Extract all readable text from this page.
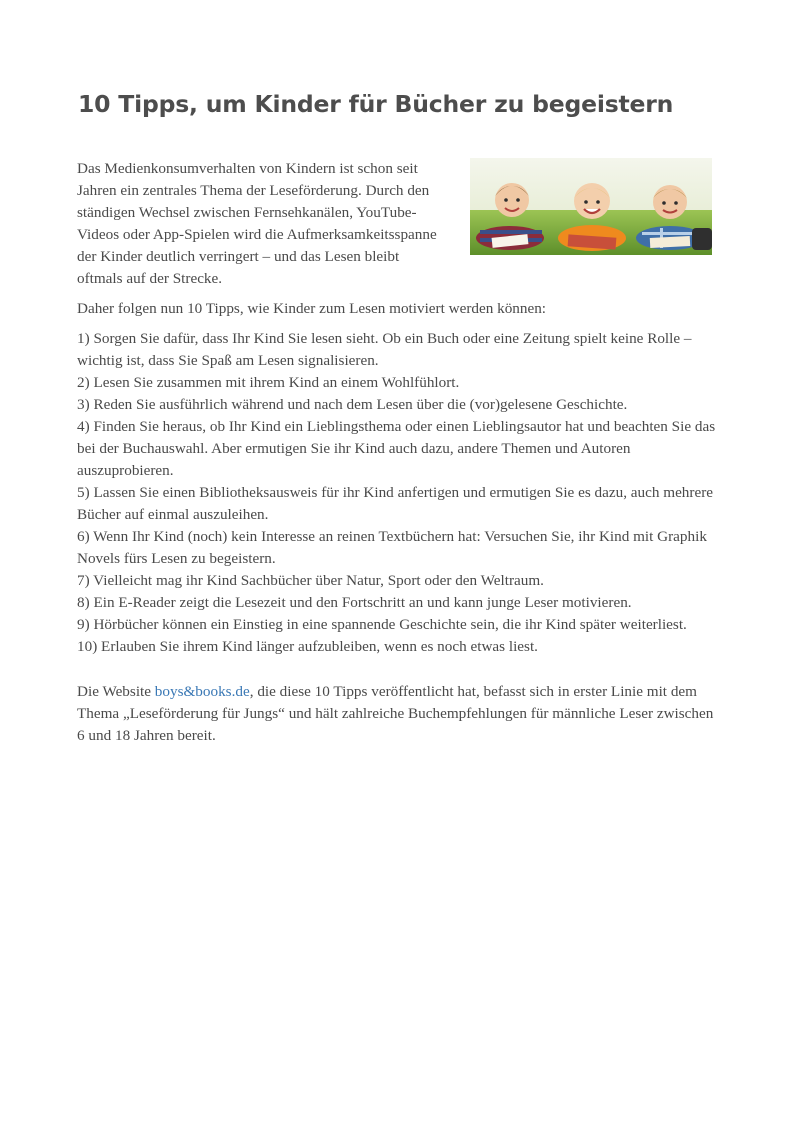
10 Tipps, um Kinder für Bücher zu begeistern

Das Medienkonsumverhalten von Kindern ist schon seit

Jahren ein zentrales Thema der Leseförderung. Durch den

ständigen Wechsel zwischen Fernsehkanälen, YouTube-

Videos oder App-Spielen wird die Aufmerksamkeitsspanne

der Kinder deutlich verringert – und das Lesen bleibt

oftmals auf der Strecke.

Daher folgen nun 10 Tipps, wie Kinder zum Lesen motiviert werden können:

1) Sorgen Sie dafür, dass Ihr Kind Sie lesen sieht. Ob ein Buch oder eine Zeitung spielt keine Rolle – wichtig ist, dass Sie Spaß am Lesen signalisieren.
2) Lesen Sie zusammen mit ihrem Kind an einem Wohlfühlort.
3) Reden Sie ausführlich während und nach dem Lesen über die (vor)gelesene Geschichte.
4) Finden Sie heraus, ob Ihr Kind ein Lieblingsthema oder einen Lieblingsautor hat und beachten Sie das bei der Buchauswahl. Aber ermutigen Sie ihr Kind auch dazu, andere Themen und Autoren auszuprobieren.
5) Lassen Sie einen Bibliotheksausweis für ihr Kind anfertigen und ermutigen Sie es dazu, auch mehrere Bücher auf einmal auszuleihen.
6) Wenn Ihr Kind (noch) kein Interesse an reinen Textbüchern hat: Versuchen Sie, ihr Kind mit Graphik Novels fürs Lesen zu begeistern.
7) Vielleicht mag ihr Kind Sachbücher über Natur, Sport oder den Weltraum.
8) Ein E-Reader zeigt die Lesezeit und den Fortschritt an und kann junge Leser motivieren.
9) Hörbücher können ein Einstieg in eine spannende Geschichte sein, die ihr Kind später weiterliest.
10) Erlauben Sie ihrem Kind länger aufzubleiben, wenn es noch etwas liest.

Die Website boys&books.de, die diese 10 Tipps veröffentlicht hat, befasst sich in erster Linie mit dem Thema „Leseförderung für Jungs“ und hält zahlreiche Buchempfehlungen für männliche Leser zwischen 6 und 18 Jahren bereit.
